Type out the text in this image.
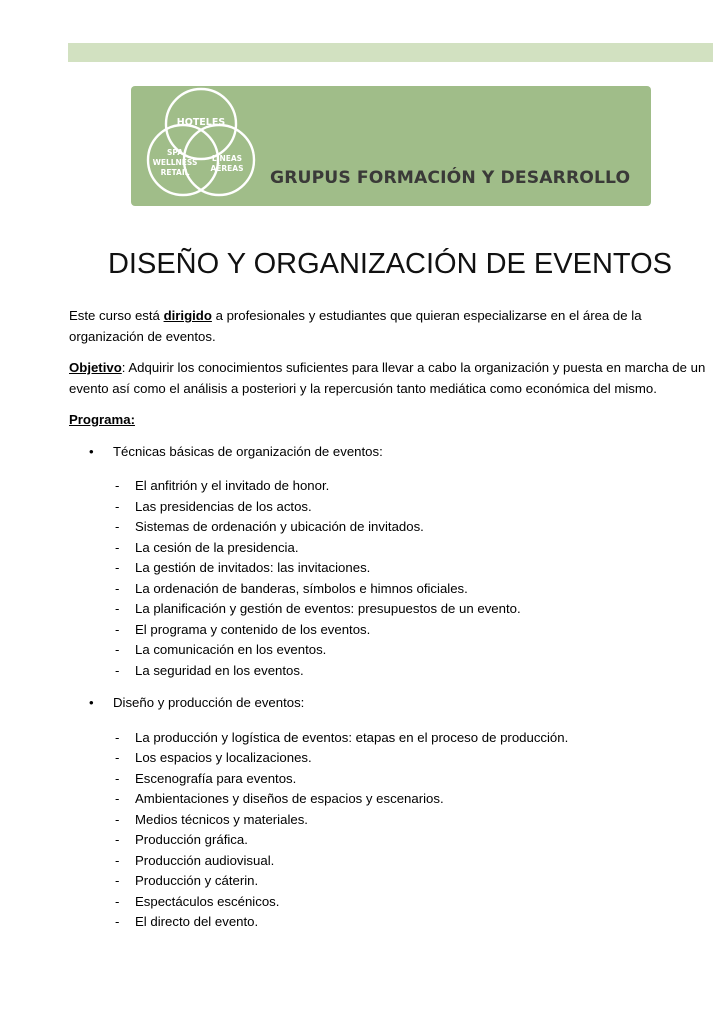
HOTELES
SPA
WELLNESS
RETAIL
LÍNEAS
AÉREAS GRUPUS FORMACIÓN Y DESARROLLO
DISEÑO Y ORGANIZACIÓN DE EVENTOS

Este curso está dirigido a profesionales y estudiantes que quieran especializarse en el área de la organización de eventos.

Objetivo: Adquirir los conocimientos suficientes para llevar a cabo la organización y puesta en marcha de un evento así como el análisis a posteriori y la repercusión tanto mediática como económica del mismo.

Programa:

• Técnicas básicas de organización de eventos:
- El anfitrión y el invitado de honor.
- Las presidencias de los actos.
- Sistemas de ordenación y ubicación de invitados.
- La cesión de la presidencia.
- La gestión de invitados: las invitaciones.
- La ordenación de banderas, símbolos e himnos oficiales.
- La planificación y gestión de eventos: presupuestos de un evento.
- El programa y contenido de los eventos.
- La comunicación en los eventos.
- La seguridad en los eventos.
• Diseño y producción de eventos:
- La producción y logística de eventos: etapas en el proceso de producción.
- Los espacios y localizaciones.
- Escenografía para eventos.
- Ambientaciones y diseños de espacios y escenarios.
- Medios técnicos y materiales.
- Producción gráfica.
- Producción audiovisual.
- Producción y cáterin.
- Espectáculos escénicos.
- El directo del evento.
